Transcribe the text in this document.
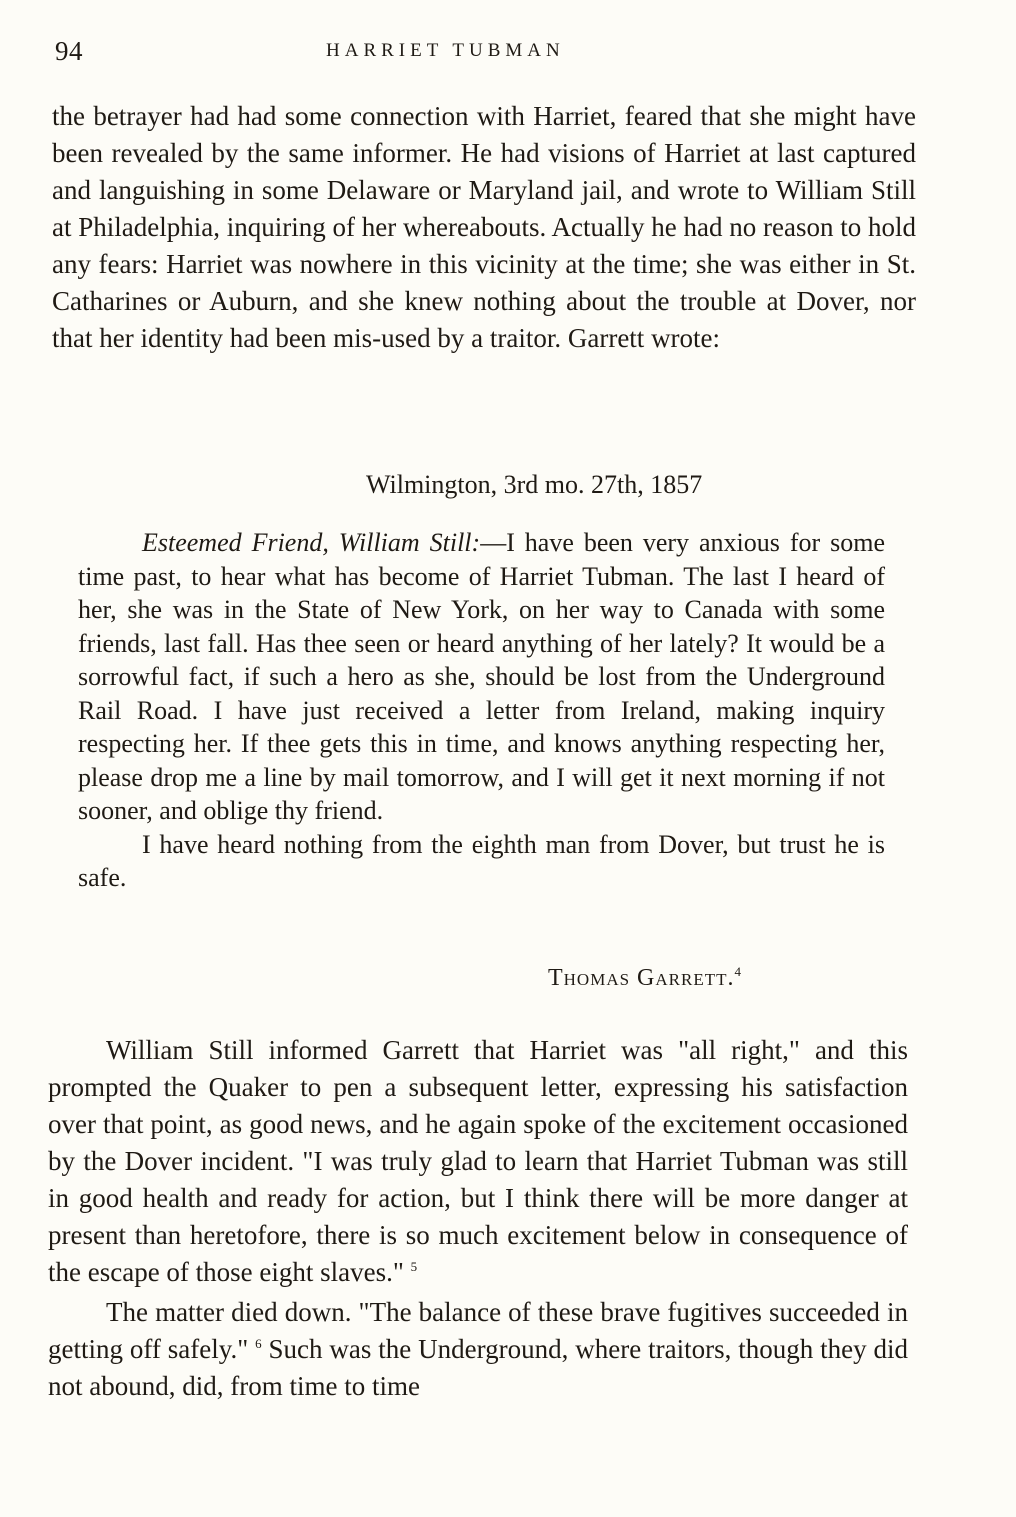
94	HARRIET TUBMAN

the betrayer had had some connection with Harriet, feared that she might have been revealed by the same informer. He had visions of Harriet at last captured and languishing in some Delaware or Maryland jail, and wrote to William Still at Philadelphia, inquiring of her whereabouts. Actually he had no reason to hold any fears: Harriet was nowhere in this vicinity at the time; she was either in St. Catharines or Auburn, and she knew nothing about the trouble at Dover, nor that her identity had been mis-used by a traitor. Garrett wrote:

Wilmington, 3rd mo. 27th, 1857

Esteemed Friend, William Still:—I have been very anxious for some time past, to hear what has become of Harriet Tubman. The last I heard of her, she was in the State of New York, on her way to Canada with some friends, last fall. Has thee seen or heard anything of her lately? It would be a sorrowful fact, if such a hero as she, should be lost from the Underground Rail Road. I have just received a letter from Ireland, making inquiry respecting her. If thee gets this in time, and knows anything respecting her, please drop me a line by mail tomorrow, and I will get it next morning if not sooner, and oblige thy friend.

I have heard nothing from the eighth man from Dover, but trust he is safe.

Thomas Garrett.$^4$

William Still informed Garrett that Harriet was "all right," and this prompted the Quaker to pen a subsequent letter, expressing his satisfaction over that point, as good news, and he again spoke of the excitement occasioned by the Dover incident. "I was truly glad to learn that Harriet Tubman was still in good health and ready for action, but I think there will be more danger at present than heretofore, there is so much excitement below in consequence of the escape of those eight slaves." $^5$

The matter died down. "The balance of these brave fugitives succeeded in getting off safely." $^6$ Such was the Underground, where traitors, though they did not abound, did, from time to time
